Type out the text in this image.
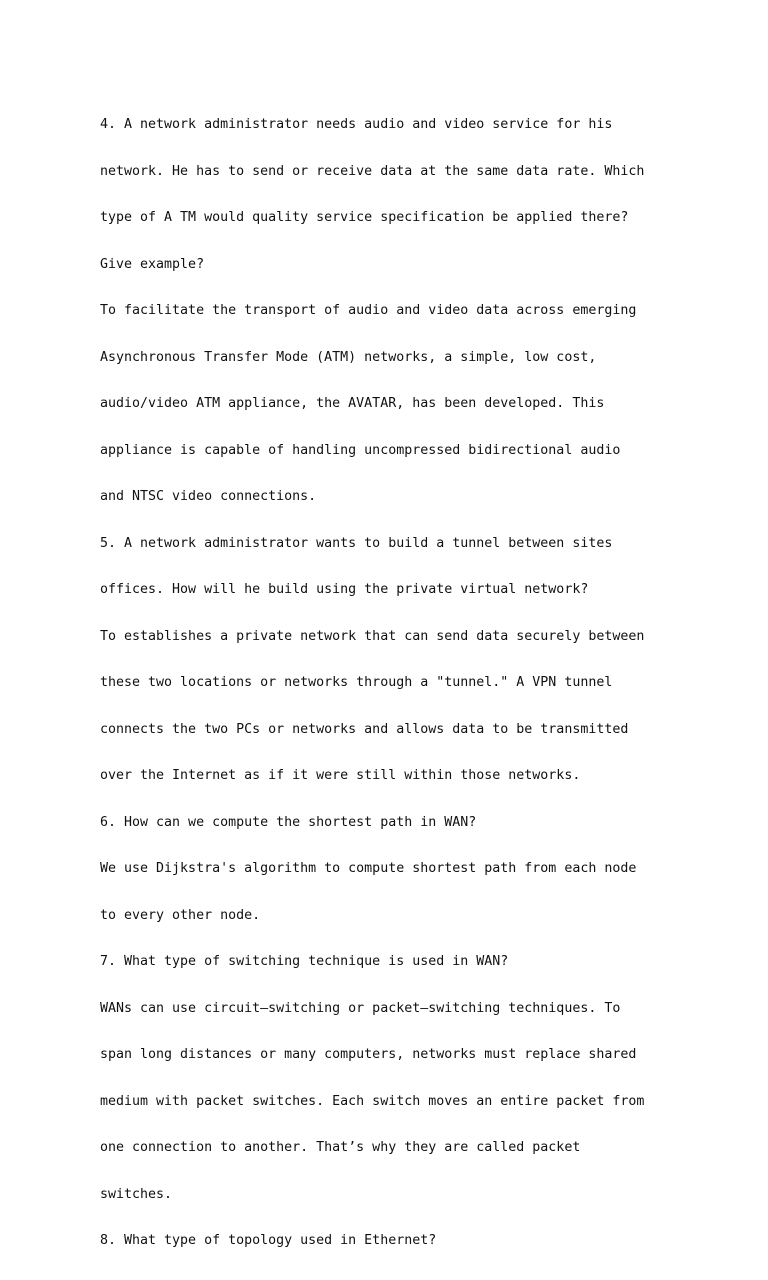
4. A network administrator needs audio and video service for his

network. He has to send or receive data at the same data rate. Which

type of A TM would quality service specification be applied there?

Give example?

To facilitate the transport of audio and video data across emerging

Asynchronous Transfer Mode (ATM) networks, a simple, low cost,

audio/video ATM appliance, the AVATAR, has been developed. This

appliance is capable of handling uncompressed bidirectional audio

and NTSC video connections.

5. A network administrator wants to build a tunnel between sites

offices. How will he build using the private virtual network?

To establishes a private network that can send data securely between

these two locations or networks through a "tunnel." A VPN tunnel

connects the two PCs or networks and allows data to be transmitted

over the Internet as if it were still within those networks.

6. How can we compute the shortest path in WAN?

We use Dijkstra's algorithm to compute shortest path from each node

to every other node.

7. What type of switching technique is used in WAN?

WANs can use circuit–switching or packet–switching techniques. To

span long distances or many computers, networks must replace shared

medium with packet switches. Each switch moves an entire packet from

one connection to another. That’s why they are called packet

switches.

8. What type of topology used in Ethernet?
